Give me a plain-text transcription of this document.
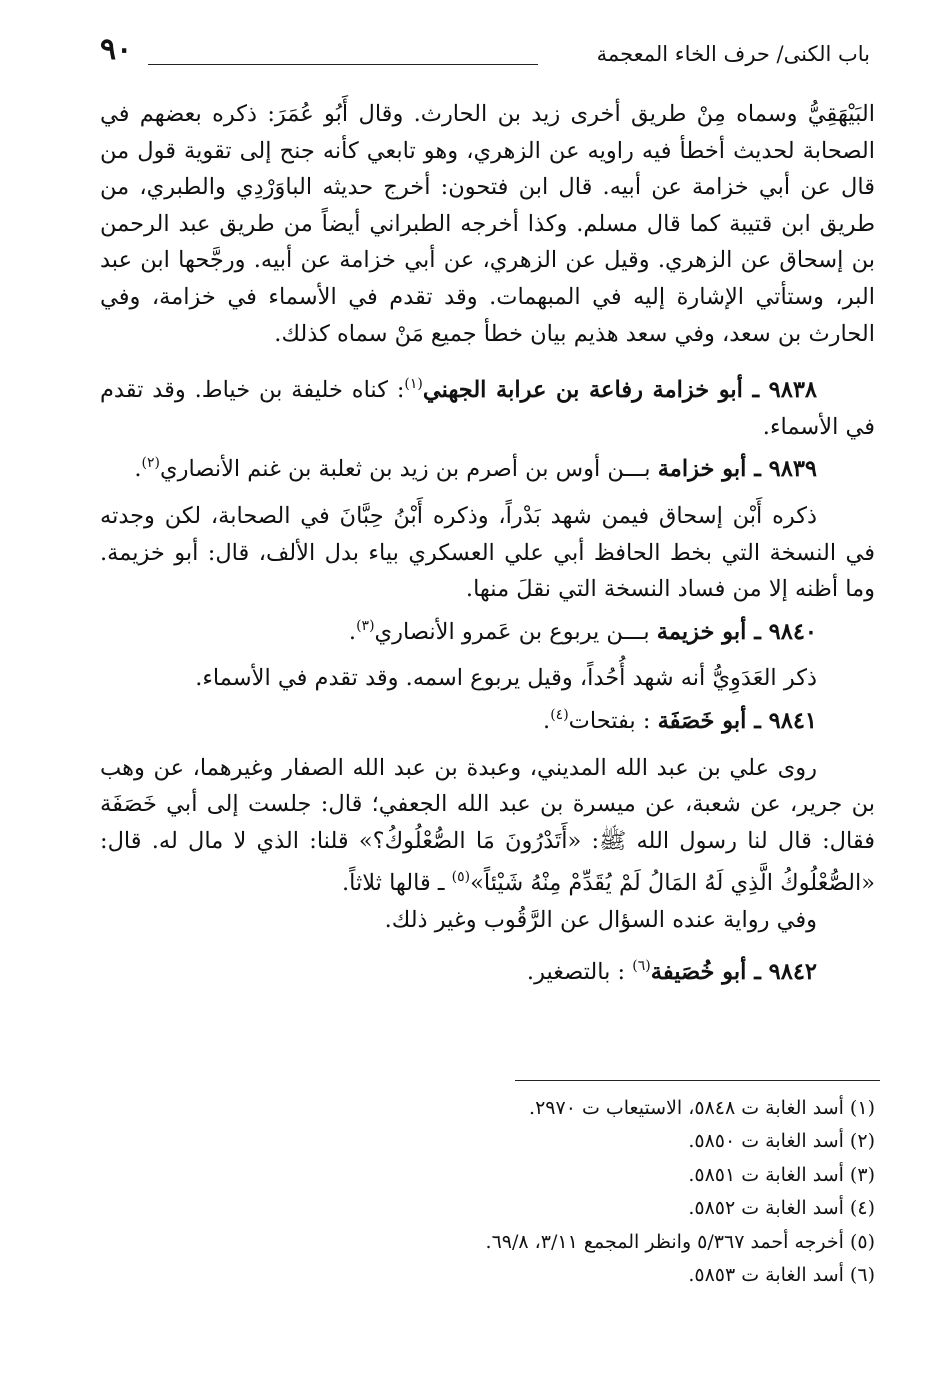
٩٠	باب الكنى/ حرف الخاء المعجمة

البَيْهَقِيُّ وسماه مِنْ طريق أخرى زيد بن الحارث. وقال أَبُو عُمَرَ: ذكره بعضهم في الصحابة لحديث أخطأ فيه راويه عن الزهري، وهو تابعي كأنه جنح إلى تقوية قول من قال عن أبي خزامة عن أبيه. قال ابن فتحون: أخرج حديثه الباوَرْدِي والطبري، من طريق ابن قتيبة كما قال مسلم. وكذا أخرجه الطبراني أيضاً من طريق عبد الرحمن بن إسحاق عن الزهري. وقيل عن الزهري، عن أبي خزامة عن أبيه. ورجَّحها ابن عبد البر، وستأتي الإشارة إليه في المبهمات. وقد تقدم في الأسماء في خزامة، وفي الحارث بن سعد، وفي سعد هذيم بيان خطأ جميع مَنْ سماه كذلك.

٩٨٣٨ ـ أبو خزامة رفاعة بن عرابة الجهني$^{(١)}$: كناه خليفة بن خياط. وقد تقدم في الأسماء.

٩٨٣٩ ـ أبو خزامة بـــن أوس بن أصرم بن زيد بن ثعلبة بن غنم الأنصاري$^{(٢)}$.

ذكره أَبْن إسحاق فيمن شهد بَدْراً، وذكره أَبْنُ حِبَّانَ في الصحابة، لكن وجدته في النسخة التي بخط الحافظ أبي علي العسكري بياء بدل الألف، قال: أبو خزيمة. وما أظنه إلا من فساد النسخة التي نقلَ منها.

٩٨٤٠ ـ أبو خزيمة بـــن يربوع بن عَمرو الأنصاري$^{(٣)}$.

ذكر العَدَوِيُّ أنه شهد أُحُداً، وقيل يربوع اسمه. وقد تقدم في الأسماء.

٩٨٤١ ـ أبو خَصَفَة : بفتحات$^{(٤)}$.

روى علي بن عبد الله المديني، وعبدة بن عبد الله الصفار وغيرهما، عن وهب بن جرير، عن شعبة، عن ميسرة بن عبد الله الجعفي؛ قال: جلست إلى أبي خَصَفَة فقال: قال لنا رسول الله ﷺ: «أَتَدْرُونَ مَا الصُّعْلُوكُ؟» قلنا: الذي لا مال له. قال: «الصُّعْلُوكُ الَّذِي لَهُ المَالُ لَمْ يُقَدِّمْ مِنْهُ شَيْئاً»$^{(٥)}$ ـ قالها ثلاثاً.

وفي رواية عنده السؤال عن الرَّقُوب وغير ذلك.

٩٨٤٢ ـ أبو خُصَيفة$^{(٦)}$ : بالتصغير.

(١) أسد الغابة ت ٥٨٤٨، الاستيعاب ت ٢٩٧٠.
(٢) أسد الغابة ت ٥٨٥٠.
(٣) أسد الغابة ت ٥٨٥١.
(٤) أسد الغابة ت ٥٨٥٢.
(٥) أخرجه أحمد ٥/٣٦٧ وانظر المجمع ٣/١١، ٦٩/٨.
(٦) أسد الغابة ت ٥٨٥٣.
